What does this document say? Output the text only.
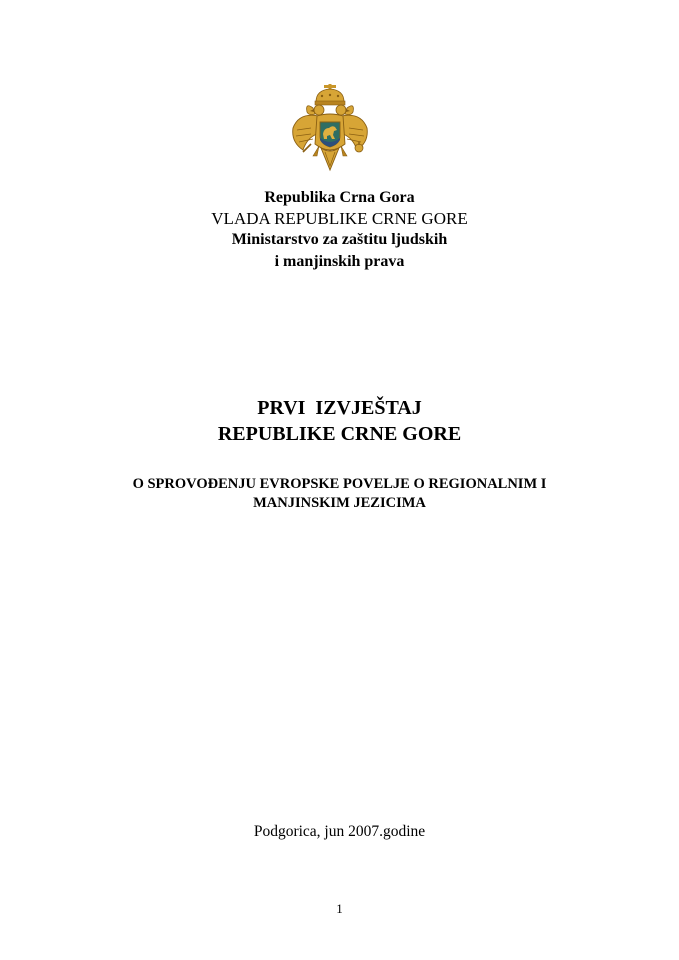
Republika Crna Gora
VLADA REPUBLIKE CRNE GORE
Ministarstvo za zaštitu ljudskih
i manjinskih prava
PRVI  IZVJEŠTAJ
REPUBLIKE CRNE GORE
O SPROVOĐENJU EVROPSKE POVELJE O REGIONALNIM I
MANJINSKIM JEZICIMA
Podgorica, jun 2007.godine
1
